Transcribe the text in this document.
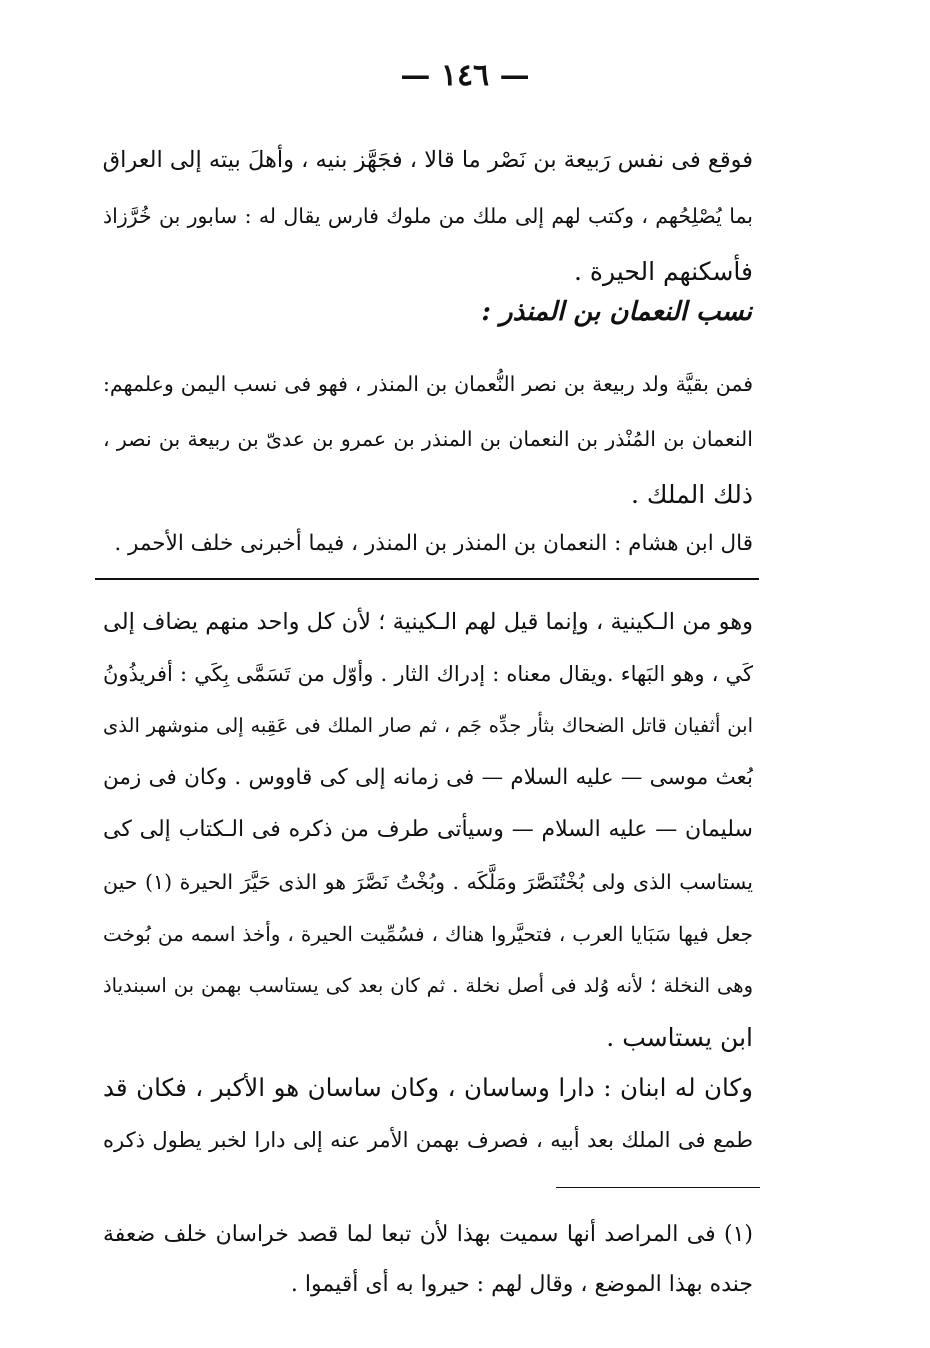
— ١٤٦ —
فوقع فى نفس رَبيعة بن نَصْر ما قالا ، فجَهَّز بنيه ، وأهلَ بيته إلى العراق
بما يُصْلِحُهم ، وكتب لهم إلى ملك من ملوك فارس يقال له : سابور بن خُرَّزاذ
فأسكنهم الحيرة .
نسب النعمان بن المنذر :
فمن بقيَّة ولد ربيعة بن نصر النُّعمان بن المنذر ، فهو فى نسب اليمن وعلمهم:
النعمان بن المُنْذر بن النعمان بن المنذر بن عمرو بن عدىّ بن ربيعة بن نصر ،
ذلك الملك .
قال ابن هشام : النعمان بن المنذر بن المنذر ، فيما أخبرنى خلف الأحمر .
وهو من الـكينية ، وإنما قيل لهم الـكينية ؛ لأن كل واحد منهم يضاف إلى
كَي ، وهو البَهاء .ويقال معناه : إدراك الثار . وأوّل من تَسَمَّى بِكَي : أفريذُونُ
ابن أثفيان قاتل الضحاك بثأر جدِّه جَم ، ثم صار الملك فى عَقِبه إلى منوشهر الذى
بُعث موسى — عليه السلام — فى زمانه إلى كى قاووس . وكان فى زمن
سليمان — عليه السلام — وسيأتى طرف من ذكره فى الـكتاب إلى كى
يستاسب الذى ولى بُخْتُنَصَّرَ ومَلَّكَه . وبُخْتُ نَصَّرَ هو الذى حَيَّرَ الحيرة (١) حين
جعل فيها سَبَايا العرب ، فتحيَّروا هناك ، فسُمِّيت الحيرة ، وأخذ اسمه من بُوخت
وهى النخلة ؛ لأنه وُلد فى أصل نخلة . ثم كان بعد كى يستاسب بهمن بن اسبندياذ
ابن يستاسب .
وكان له ابنان : دارا وساسان ، وكان ساسان هو الأكبر ، فكان قد
طمع فى الملك بعد أبيه ، فصرف بهمن الأمر عنه إلى دارا لخبر يطول ذكره
(١) فى المراصد أنها سميت بهذا لأن تبعا لما قصد خراسان خلف ضعفة
جنده بهذا الموضع ، وقال لهم : حيروا به أى أقيموا .
